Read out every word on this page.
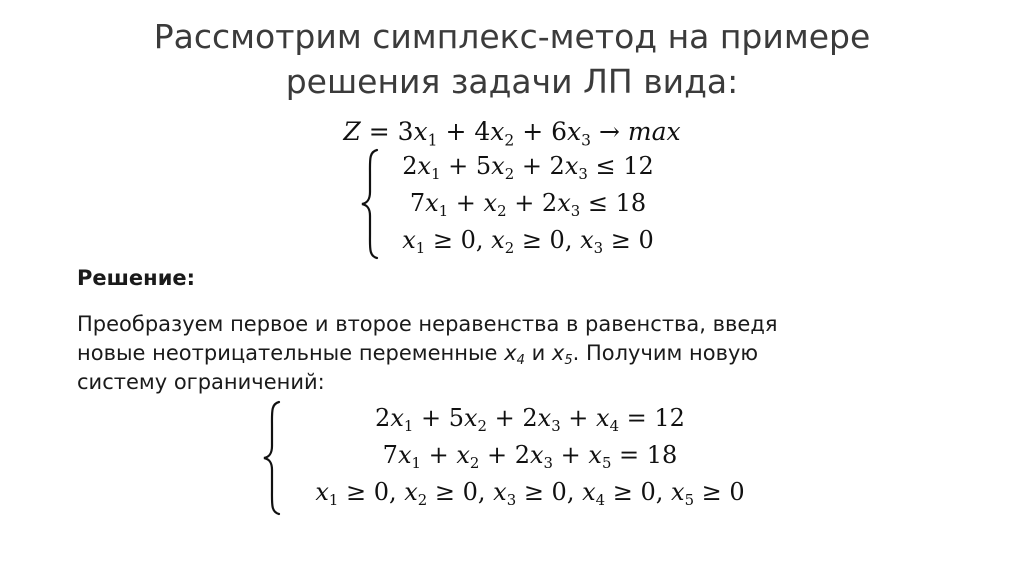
Рассмотрим симплекс-метод на примере
решения задачи ЛП вида:
$Z = 3x_1 + 4x_2 + 6x_3 \to \max$
$2x_1 + 5x_2 + 2x_3 \le 12$
$7x_1 + x_2 + 2x_3 \le 18$
$x_1 \ge 0$, $x_2 \ge 0$, $x_3 \ge 0$
Решение:
Преобразуем первое и второе неравенства в равенства, введя
новые неотрицательные переменные $x_4$ и $x_5$. Получим новую
систему ограничений:
$2x_1 + 5x_2 + 2x_3 + x_4 = 12$
$7x_1 + x_2 + 2x_3 + x_5 = 18$
$x_1 \ge 0$, $x_2 \ge 0$, $x_3 \ge 0$, $x_4 \ge 0$, $x_5 \ge 0$
